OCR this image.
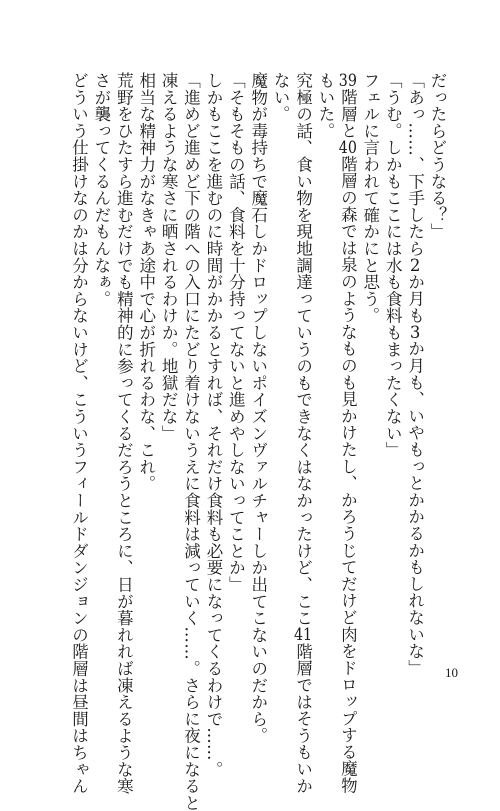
だったらどうなる？」
「あっ……、下手したら2か月も3か月も、いやもっとかかるかもしれないな」
「うむ。しかもここには水も食料もまったくない」
フェルに言われて確かにと思う。
39階層と40階層の森では泉のようなものも見かけたし、かろうじてだけど肉をドロップする魔物
もいた。
究極の話、食い物を現地調達っていうのもできなくはなかったけど、ここ41階層ではそうもいか
ない。
魔物が毒持ちで魔石しかドロップしないポイズンヴァルチャーしか出てこないのだから。
「そもそもの話、食料を十分持ってないと進めやしないってことか」
しかもここを進むのに時間がかかるとすれば、それだけ食料も必要になってくるわけで……。
「進めど進めど下の階への入口にたどり着けないうえに食料は減っていく……。さらに夜になると
凍えるような寒さに晒されるわけか。地獄だな」
相当な精神力がなきゃあ途中で心が折れるわな、これ。
荒野をひたすら進むだけでも精神的に参ってくるだろうところに、日が暮れれば凍えるような寒
さが襲ってくるんだもんなぁ。
どういう仕掛けなのかは分からないけど、こういうフィールドダンジョンの階層は昼間はちゃん	10
